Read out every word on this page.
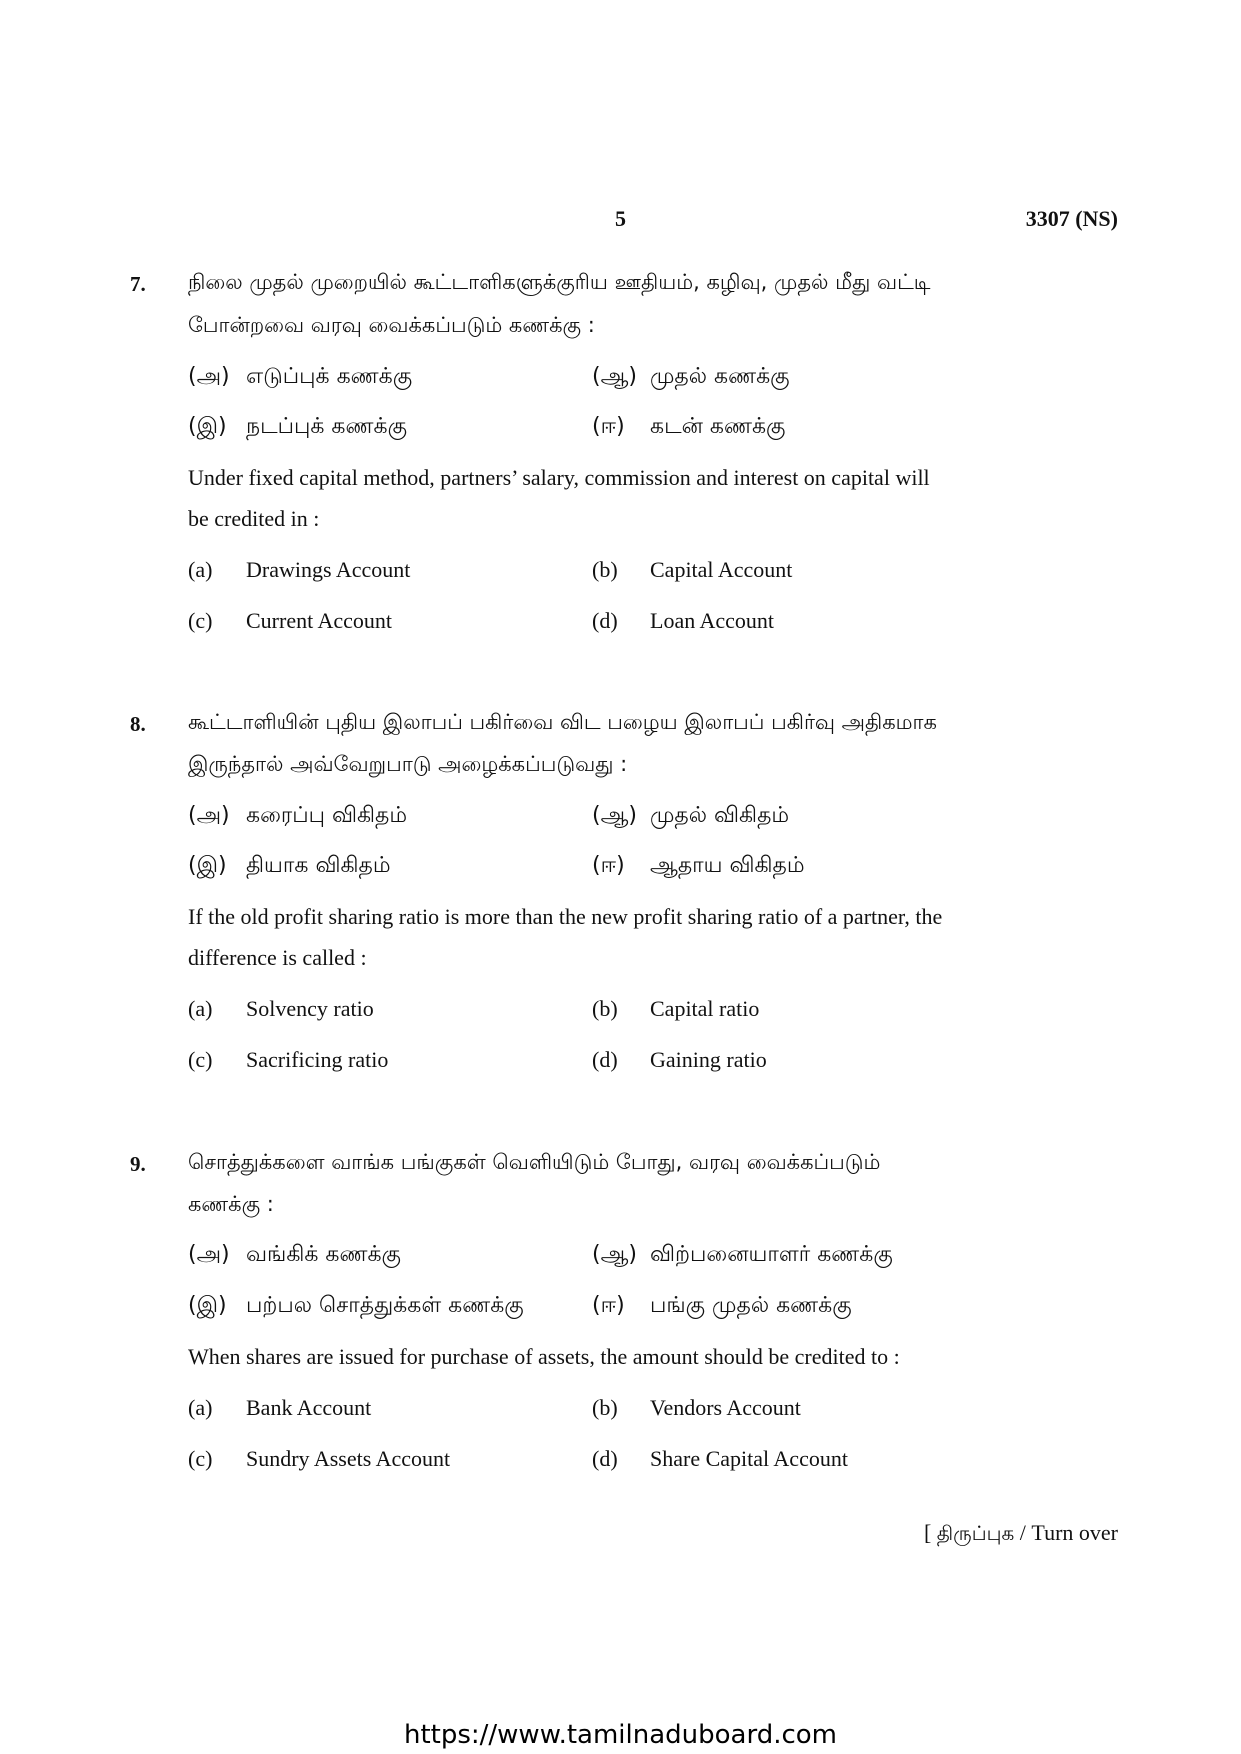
5	3307 (NS)
7. நிலை முதல் முறையில் கூட்டாளிகளுக்குரிய ஊதியம், கழிவு, முதல் மீது வட்டி
போன்றவை வரவு வைக்கப்படும் கணக்கு :
(அ) எடுப்புக் கணக்கு	(ஆ) முதல் கணக்கு
(இ) நடப்புக் கணக்கு	(ஈ) கடன் கணக்கு
Under fixed capital method, partners’ salary, commission and interest on capital will
be credited in :
(a) Drawings Account	(b) Capital Account
(c) Current Account	(d) Loan Account
8. கூட்டாளியின் புதிய இலாபப் பகிர்வை விட பழைய இலாபப் பகிர்வு அதிகமாக
இருந்தால் அவ்வேறுபாடு அழைக்கப்படுவது :
(அ) கரைப்பு விகிதம்	(ஆ) முதல் விகிதம்
(இ) தியாக விகிதம்	(ஈ) ஆதாய விகிதம்
If the old profit sharing ratio is more than the new profit sharing ratio of a partner, the
difference is called :
(a) Solvency ratio	(b) Capital ratio
(c) Sacrificing ratio	(d) Gaining ratio
9. சொத்துக்களை வாங்க பங்குகள் வெளியிடும் போது, வரவு வைக்கப்படும்
கணக்கு :
(அ) வங்கிக் கணக்கு	(ஆ) விற்பனையாளர் கணக்கு
(இ) பற்பல சொத்துக்கள் கணக்கு	(ஈ) பங்கு முதல் கணக்கு
When shares are issued for purchase of assets, the amount should be credited to :
(a) Bank Account	(b) Vendors Account
(c) Sundry Assets Account	(d) Share Capital Account
[ திருப்புக / Turn over
https://www.tamilnaduboard.com
